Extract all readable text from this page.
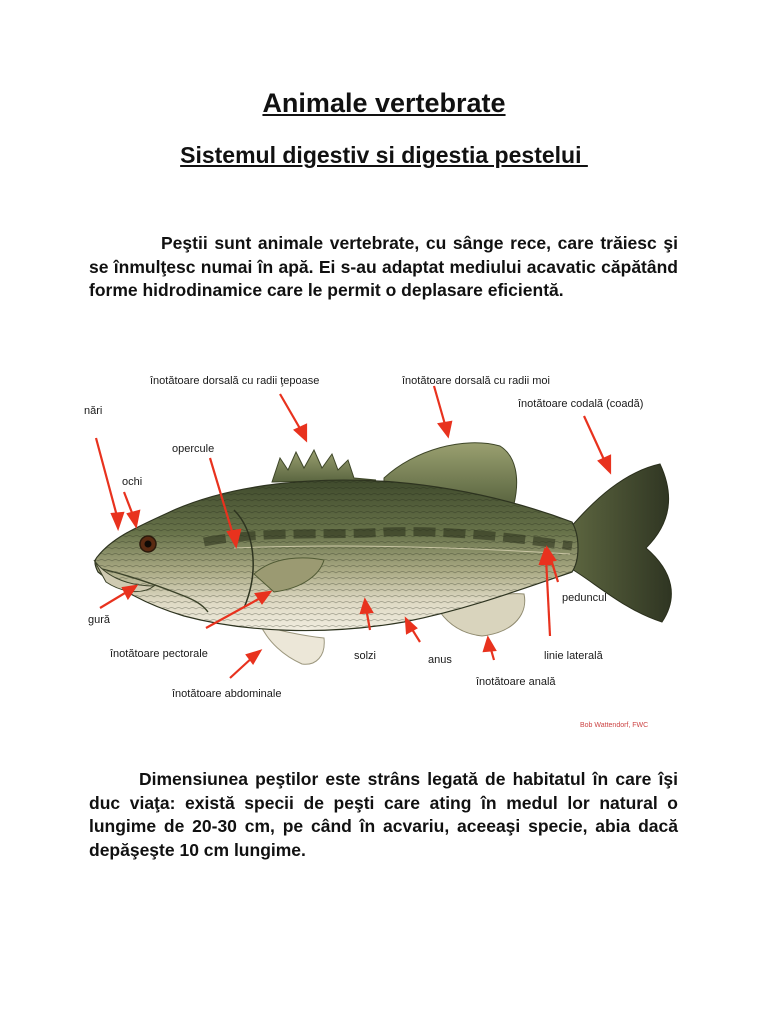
Animale vertebrate
Sistemul digestiv si digestia pestelui

Peştii sunt animale vertebrate, cu sânge rece, care trăiesc şi se înmulţesc numai în apă. Ei s-au adaptat mediului acavatic căpătând forme hidrodinamice care le permit o deplasare eficientă.

nări
ochi
opercule
înotătoare dorsală cu radii ţepoase	înotătoare dorsală cu radii moi
înotătoare codală (coadă)
peduncul
gură
înotătoare pectorale	solzi	anus	linie laterală
înotătoare anală
înotătoare abdominale
Bob Wattendorf, FWC

Dimensiunea peştilor este strâns legată de habitatul în care îşi duc viaţa: există specii de peşti care ating în medul lor natural o lungime de 20-30 cm, pe când în acvariu, aceeaşi specie, abia dacă depăşeşte 10 cm lungime.
